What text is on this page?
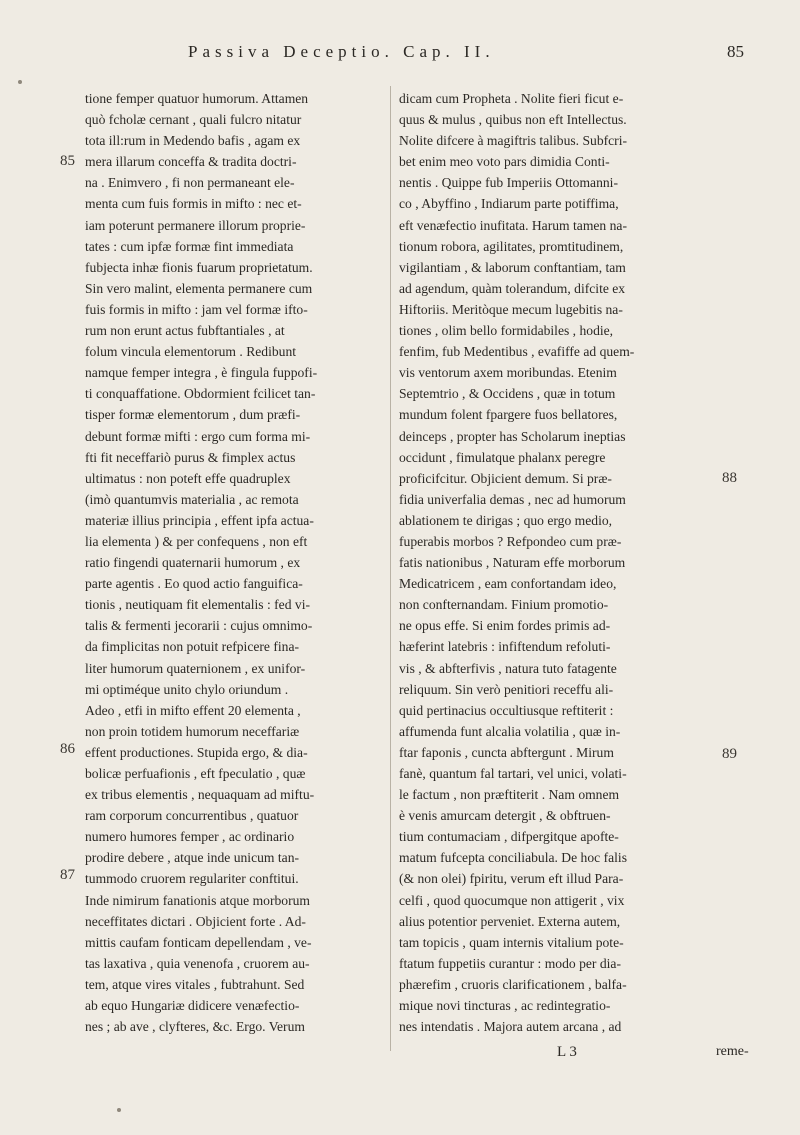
Passiva Deceptio. Cap. II.	85
tione femper quatuor humorum. Attamen
quò fcholæ cernant , quali fulcro nitatur
tota ill:rum in Medendo bafis , agam ex
mera illarum conceffa & tradita doctri-
na . Enimvero , fi non permaneant ele-
menta cum fuis formis in mifto : nec et-
iam poterunt permanere illorum proprie-
tates : cum ipfæ formæ fint immediata
fubjecta inhæ fionis fuarum proprietatum.
Sin vero malint, elementa permanere cum
fuis formis in mifto : jam vel formæ ifto-
rum non erunt actus fubftantiales , at
folum vincula elementorum . Redibunt
namque femper integra , è fingula fuppofi-
ti conquaffatione. Obdormient fcilicet tan-
tisper formæ elementorum , dum præfi-
debunt formæ mifti : ergo cum forma mi-
fti fit neceffariò purus & fimplex actus
ultimatus : non poteft effe quadruplex
(imò quantumvis materialia , ac remota
materiæ illius principia , effent ipfa actua-
lia elementa ) & per confequens , non eft
ratio fingendi quaternarii humorum , ex
parte agentis . Eo quod actio fanguifica-
tionis , neutiquam fit elementalis : fed vi-
talis & fermenti jecorarii : cujus omnimo-
da fimplicitas non potuit refpicere fina-
liter humorum quaternionem , ex unifor-
mi optiméque unito chylo oriundum .
Adeo , etfi in mifto effent 20 elementa ,
non proin totidem humorum neceffariæ
effent productiones. Stupida ergo, & dia-
bolicæ perfuafionis , eft fpeculatio , quæ
ex tribus elementis , nequaquam ad miftu-
ram corporum concurrentibus , quatuor
numero humores femper , ac ordinario
prodire debere , atque inde unicum tan-
tummodo cruorem regulariter conftitui.
Inde nimirum fanationis atque morborum
neceffitates dictari . Objicient forte . Ad-
mittis caufam fonticam depellendam , ve-
tas laxativa , quia venenofa , cruorem au-
tem, atque vires vitales , fubtrahunt. Sed
ab equo Hungariæ didicere venæfectio-
nes ; ab ave , clyfteres, &c. Ergo. Verum
dicam cum Propheta . Nolite fieri ficut e-
quus & mulus , quibus non eft Intellectus.
Nolite difcere à magiftris talibus. Subfcri-
bet enim meo voto pars dimidia Conti-
nentis . Quippe fub Imperiis Ottomanni-
co , Abyffino , Indiarum parte potiffima,
eft venæfectio inufitata. Harum tamen na-
tionum robora, agilitates, promtitudinem,
vigilantiam , & laborum conftantiam, tam
ad agendum, quàm tolerandum, difcite ex
Hiftoriis. Meritòque mecum lugebitis na-
tiones , olim bello formidabiles , hodie,
fenfim, fub Medentibus , evafiffe ad quem-
vis ventorum axem moribundas. Etenim
Septemtrio , & Occidens , quæ in totum
mundum folent fpargere fuos bellatores,
deinceps , propter has Scholarum ineptias
occidunt , fimulatque phalanx peregre
proficifcitur. Objicient demum. Si præ-
fidia univerfalia demas , nec ad humorum
ablationem te dirigas ; quo ergo medio,
fuperabis morbos ? Refpondeo cum præ-
fatis nationibus , Naturam effe morborum
Medicatricem , eam confortandam ideo,
non confternandam. Finium promotio-
ne opus effe. Si enim fordes primis ad-
hæferint latebris : infiftendum refoluti-
vis , & abfterfivis , natura tuto fatagente
reliquum. Sin verò penitiori receffu ali-
quid pertinacius occultiusque reftiterit :
affumenda funt alcalia volatilia , quæ in-
ftar faponis , cuncta abftergunt . Mirum
fanè, quantum fal tartari, vel unici, volati-
le factum , non præftiterit . Nam omnem
è venis amurcam detergit , & obftruen-
tium contumaciam , difpergitque apofte-
matum fufcepta conciliabula. De hoc falis
(& non olei) fpiritu, verum eft illud Para-
celfi , quod quocumque non attigerit , vix
alius potentior perveniet. Externa autem,
tam topicis , quam internis vitalium pote-
ftatum fuppetiis curantur : modo per dia-
phærefim , cruoris clarificationem , balfa-
mique novi tincturas , ac redintegratio-
nes intendatis . Majora autem arcana , ad
85
86
87
88
89
L 3	reme-
